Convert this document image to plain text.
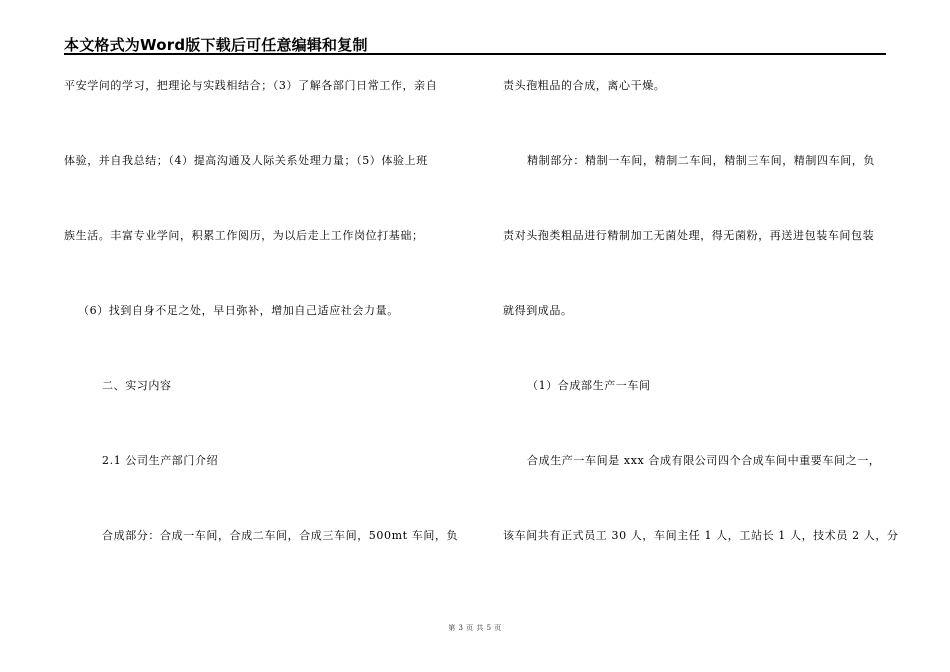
本文格式为Word版下载后可任意编辑和复制
平安学问的学习，把理论与实践相结合；（3）了解各部门日常工作，亲自
体验，并自我总结；（4）提高沟通及人际关系处理力量；（5）体验上班
族生活。丰富专业学问，积累工作阅历，为以后走上工作岗位打基础；
（6）找到自身不足之处，早日弥补，增加自己适应社会力量。
二、实习内容
2.1 公司生产部门介绍
合成部分：合成一车间，合成二车间，合成三车间，500mt 车间，负
责头孢粗品的合成，离心干燥。
精制部分：精制一车间，精制二车间，精制三车间，精制四车间，负
责对头孢类粗品进行精制加工无菌处理，得无菌粉，再送进包装车间包装
就得到成品。
（1）合成部生产一车间
合成生产一车间是 xxx 合成有限公司四个合成车间中重要车间之一，
该车间共有正式员工 30 人，车间主任 1 人，工站长 1 人，技术员 2 人，分
第 3 页 共 5 页
